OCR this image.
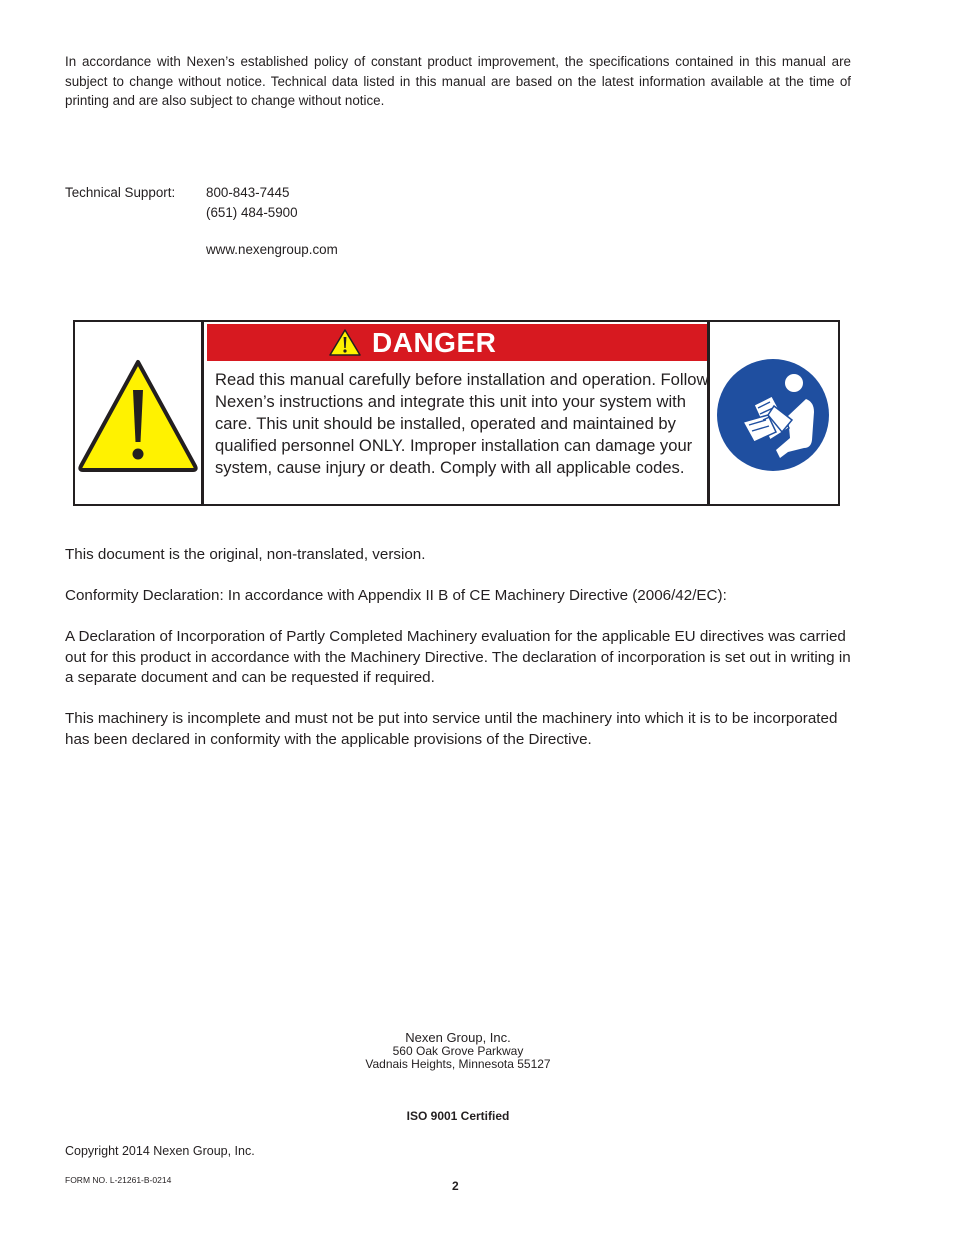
In accordance with Nexen’s established policy of constant product improvement, the specifications contained in this manual are subject to change without notice. Technical data listed in this manual are based on the latest information available at the time of printing and are also subject to change without notice.

Technical Support: 800-843-7445
(651) 484-5900
www.nexengroup.com
DANGER

Read this manual carefully before installation and operation. Follow Nexen’s instructions and integrate this unit into your system with care. This unit should be installed, operated and maintained by qualified personnel ONLY. Improper installation can damage your system, cause injury or death. Comply with all applicable codes.

This document is the original, non-translated, version.

Conformity Declaration: In accordance with Appendix II B of CE Machinery Directive (2006/42/EC):

A Declaration of Incorporation of Partly Completed Machinery evaluation for the applicable EU directives was carried out for this product in accordance with the Machinery Directive. The declaration of incorporation is set out in writing in a separate document and can be requested if required.

This machinery is incomplete and must not be put into service until the machinery into which it is to be incorporated has been declared in conformity with the applicable provisions of the Directive.

Nexen Group, Inc.
560 Oak Grove Parkway
Vadnais Heights, Minnesota 55127
ISO 9001 Certified
Copyright 2014 Nexen Group, Inc.
FORM NO. L-21261-B-0214	2
